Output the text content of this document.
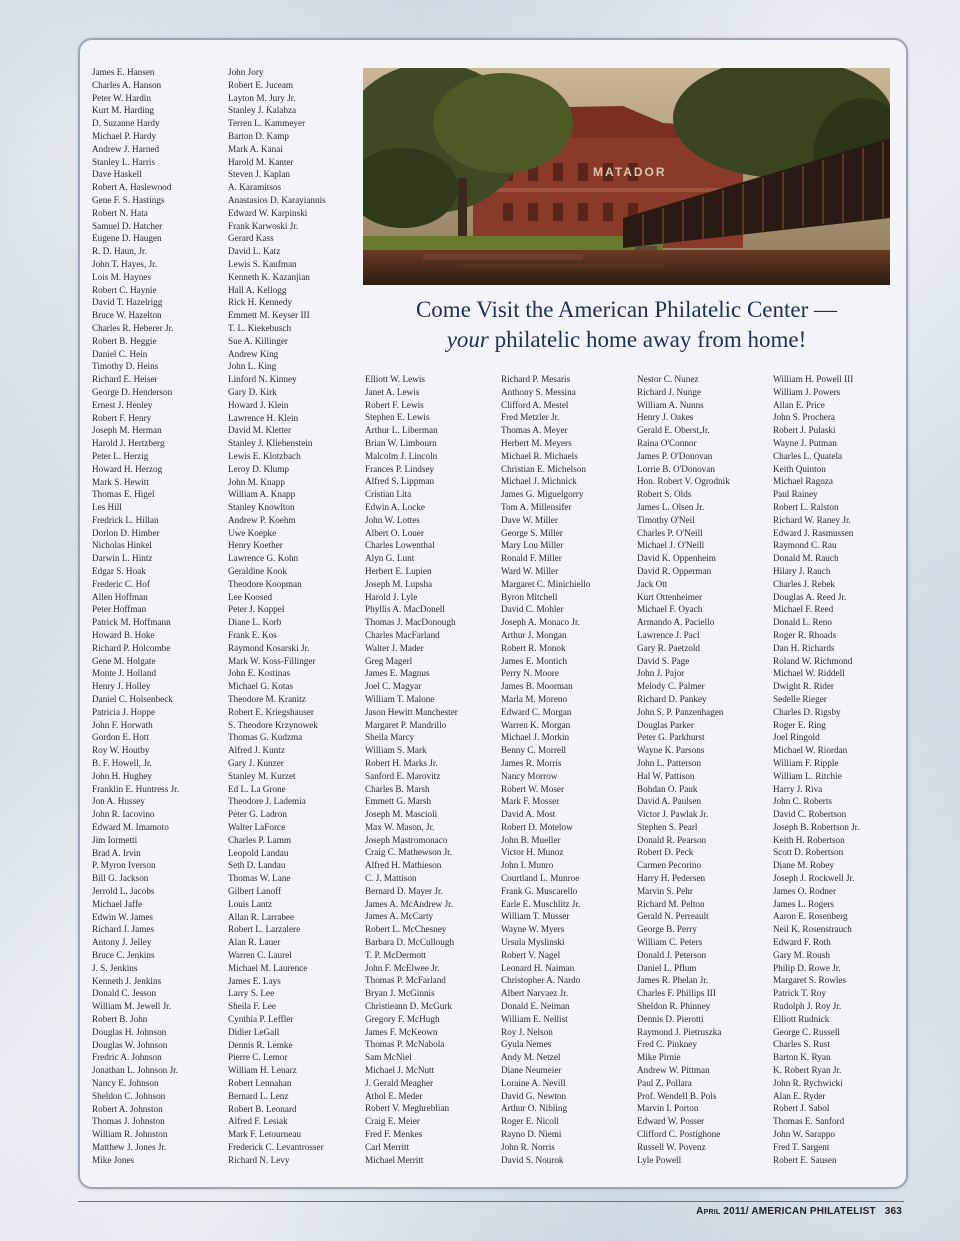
James E. Hansen
Charles A. Hanson
Peter W. Hardin
Kurt M. Harding
D. Suzanne Hardy
Michael P. Hardy
Andrew J. Harned
Stanley L. Harris
Dave Haskell
Robert A. Haslewood
Gene F. S. Hastings
Robert N. Hata
Samuel D. Hatcher
Eugene D. Haugen
R. D. Haun, Jr.
John T. Hayes, Jr.
Lois M. Haynes
Robert C. Haynie
David T. Hazelrigg
Bruce W. Hazelton
Charles R. Heberer Jr.
Robert B. Heggie
Daniel C. Hein
Timothy D. Heins
Richard E. Heiser
George D. Henderson
Ernest J. Henley
Robert F. Henry
Joseph M. Herman
Harold J. Hertzberg
Peter L. Herzig
Howard H. Herzog
Mark S. Hewitt
Thomas E. Higel
Les Hill
Fredrick L. Hillan
Dorlon D. Himber
Nicholas Hinkel
Darwin L. Hintz
Edgar S. Hoak
Frederic C. Hof
Allen Hoffman
Peter Hoffman
Patrick M. Hoffmann
Howard B. Hoke
Richard P. Holcombe
Gene M. Holgate
Monte J. Holland
Henry J. Holley
Daniel C. Holsenbeck
Patricia J. Hoppe
John F. Horwath
Gordon E. Hott
Roy W. Houtby
B. F. Howell, Jr.
John H. Hughey
Franklin E. Huntress Jr.
Jon A. Hussey
John R. Iacovino
Edward M. Imamoto
Jim Iormetti
Brad A. Irvin
P. Myron Iverson
Bill G. Jackson
Jerrold L. Jacobs
Michael Jaffe
Edwin W. James
Richard J. James
Antony J. Jelley
Bruce C. Jenkins
J. S. Jenkins
Kenneth J. Jenkins
Donald C. Jesson
William M. Jewell Jr.
Robert B. John
Douglas H. Johnson
Douglas W. Johnson
Fredric A. Johnson
Jonathan L. Johnson Jr.
Nancy E. Johnson
Sheldon C. Johnson
Robert A. Johnston
Thomas J. Johnston
William R. Johnston
Matthew J. Jones Jr.
Mike Jones
John Jory
Robert E. Juceam
Layton M. Jury Jr.
Stanley J. Kalabza
Terren L. Kammeyer
Barton D. Kamp
Mark A. Kanai
Harold M. Kanter
Steven J. Kaplan
A. Karamitsos
Anastasios D. Karayiannis
Edward W. Karpinski
Frank Karwoski Jr.
Gerard Kass
David L. Katz
Lewis S. Kaufman
Kenneth K. Kazanjian
Hall A. Kellogg
Rick H. Kennedy
Emmett M. Keyser III
T. L. Kiekebusch
Sue A. Killinger
Andrew King
John L. King
Linford N. Kinney
Gary D. Kirk
Howard J. Klein
Lawrence H. Klein
David M. Kletter
Stanley J. Kliebenstein
Lewis E. Klotzbach
Leroy D. Klump
John M. Knapp
William A. Knapp
Stanley Knowlton
Andrew P. Koehm
Uwe Koepke
Henry Koether
Lawrence G. Kohn
Geraldine Kook
Theodore Koopman
Lee Koosed
Peter J. Koppel
Diane L. Korb
Frank E. Kos
Raymond Kosarski Jr.
Mark W. Koss-Fillinger
John E. Kostinas
Michael G. Kotas
Theodore M. Kranitz
Robert E. Kriegshauser
S. Theodore Krzynowek
Thomas G. Kudzma
Alfred J. Kuntz
Gary J. Kunzer
Stanley M. Kurzet
Ed L. La Grone
Theodore J. Lademia
Peter G. Ladron
Walter LaForce
Charles P. Lamm
Leopold Landau
Seth D. Landau
Thomas W. Lane
Gilbert Lanoff
Louis Lantz
Allan R. Larrabee
Robert L. Larzalere
Alan R. Lauer
Warren C. Laurel
Michael M. Laurence
James E. Lays
Larry S. Lee
Sheila F. Lee
Cynthia P. Leffler
Didier LeGall
Dennis R. Lemke
Pierre C. Lemor
William H. Lenarz
Robert Lennahan
Bernard L. Lenz
Robert B. Leonard
Alfred F. Lesiak
Mark F. Letourneau
Frederick C. Levantrosser
Richard N. Levy
MATADOR
Come Visit the American Philatelic Center —
your philatelic home away from home!
Elliott W. Lewis
Janet A. Lewis
Robert F. Lewis
Stephen E. Lewis
Arthur L. Liberman
Brian W. Limbourn
Malcolm J. Lincoln
Frances P. Lindsey
Alfred S. Lippman
Cristian Lita
Edwin A. Locke
John W. Lottes
Albert O. Louer
Charles Lowenthal
Alyn G. Lunt
Herbert E. Lupien
Joseph M. Lupsha
Harold J. Lyle
Phyllis A. MacDonell
Thomas J. MacDonough
Charles MacFarland
Walter J. Mader
Greg Magerl
James E. Magnus
Joel C. Magyar
William T. Malone
Jason Hewitt Manchester
Margaret P. Mandrillo
Sheila Marcy
William S. Mark
Robert H. Marks Jr.
Sanford E. Marovitz
Charles B. Marsh
Emmett G. Marsh
Joseph M. Mascioli
Max W. Mason, Jr.
Joseph Mastromonaco
Craig C. Mathewson Jr.
Alfred H. Mathieson
C. J. Mattison
Bernard D. Mayer Jr.
James A. McAndrew Jr.
James A. McCarty
Robert L. McChesney
Barbara D. McCullough
T. P. McDermott
John F. McElwee Jr.
Thomas P. McFarland
Bryan J. McGinnis
Christieann D. McGurk
Gregory F. McHugh
James F. McKeown
Thomas P. McNabola
Sam McNiel
Michael J. McNutt
J. Gerald Meagher
Athol E. Meder
Robert V. Meghreblian
Craig E. Meier
Fred F. Menkes
Carl Merritt
Michael Merritt
Richard P. Mesaris
Anthony S. Messina
Clifford A. Mestel
Fred Metzler Jr.
Thomas A. Meyer
Herbert M. Meyers
Michael R. Michaels
Christian E. Michelson
Michael J. Michnick
James G. Miguelgorry
Tom A. Millensifer
Dave W. Miller
George S. Miller
Mary Lou Miller
Ronald F. Miller
Ward W. Miller
Margaret C. Minichiello
Byron Mitchell
David C. Mohler
Joseph A. Monaco Jr.
Arthur J. Mongan
Robert R. Monok
James E. Montich
Perry N. Moore
James B. Moorman
Marla M. Moreno
Edward C. Morgan
Warren K. Morgan
Michael J. Morkin
Benny C. Morrell
James R. Morris
Nancy Morrow
Robert W. Moser
Mark F. Mosser
David A. Most
Robert D. Motelow
John B. Mueller
Victor H. Munoz
John I. Munro
Courtland L. Munroe
Frank G. Muscarello
Earle E. Muschlitz Jr.
William T. Musser
Wayne W. Myers
Ursula Myslinski
Robert V. Nagel
Leonard H. Naiman
Christopher A. Nardo
Albert Narvaez Jr.
Donald E. Neiman
William E. Nellist
Roy J. Nelson
Gyula Nemes
Andy M. Netzel
Diane Neumeier
Loraine A. Nevill
David G. Newton
Arthur O. Nibling
Roger E. Nicoll
Rayno D. Niemi
John R. Norris
David S. Nourok
Nestor C. Nunez
Richard J. Nunge
William A. Nunns
Henry J. Oakes
Gerald E. Oberst,Jr.
Raina O'Connor
James P. O'Donovan
Lorrie B. O'Donovan
Hon. Robert V. Ogrodnik
Robert S. Olds
James L. Olsen Jr.
Timothy O'Neil
Charles P. O'Neill
Michael J. O'Neill
David K. Oppenheim
David R. Opperman
Jack Ott
Kurt Ottenheimer
Michael F. Oyach
Armando A. Paciello
Lawrence J. Pacl
Gary R. Paetzold
David S. Page
John J. Pajor
Melody C. Palmer
Richard D. Pankey
John S. P. Panzenhagen
Douglas Parker
Peter G. Parkhurst
Wayne K. Parsons
John L. Patterson
Hal W. Pattison
Bohdan O. Pauk
David A. Paulsen
Victor J. Pawlak Jr.
Stephen S. Pearl
Donald R. Pearson
Robert D. Peck
Carmen Pecorino
Harry H. Pedersen
Marvin S. Pehr
Richard M. Pelton
Gerald N. Perreault
George B. Perry
William C. Peters
Donald J. Peterson
Daniel L. Pflum
James R. Phelan Jr.
Charles F. Phillips III
Sheldon R. Phinney
Dennis D. Pierotti
Raymond J. Pietruszka
Fred C. Pinkney
Mike Pirnie
Andrew W. Pittman
Paul Z. Pollara
Prof. Wendell B. Pols
Marvin I. Porton
Edward W. Posser
Clifford C. Postighone
Russell W. Povenz
Lyle Powell
William H. Powell III
William J. Powers
Allan E. Price
John S. Prochera
Robert J. Pulaski
Wayne J. Putman
Charles L. Quatela
Keith Quinton
Michael Ragoza
Paul Rainey
Robert L. Ralston
Richard W. Raney Jr.
Edward J. Rasmussen
Raymond C. Rau
Donald M. Rauch
Hilary J. Rauch
Charles J. Rebek
Douglas A. Reed Jr.
Michael F. Reed
Donald L. Reno
Roger R. Rhoads
Dan H. Richards
Roland W. Richmond
Michael W. Riddell
Dwight R. Rider
Sedelle Rieger
Charles D. Rigsby
Roger E. Ring
Joel Ringold
Michael W. Riordan
William F. Ripple
William L. Ritchie
Harry J. Riva
John C. Roberts
David C. Robertson
Joseph B. Robertson Jr.
Keith H. Robertson
Scott D. Robertson
Diane M. Robey
Joseph J. Rockwell Jr.
James O. Rodner
James L. Rogers
Aaron E. Rosenberg
Neil K. Rosenstrauch
Edward F. Roth
Gary M. Roush
Philip D. Rowe Jr.
Margaret S. Rowles
Patrick T. Roy
Rudolph J. Roy Jr.
Elliott Rudnick
George C. Russell
Charles S. Rust
Barton K. Ryan
K. Robert Ryan Jr.
John R. Rychwicki
Alan E. Ryder
Robert J. Sabol
Thomas E. Sanford
John W. Sarappo
Fred T. Sargent
Robert E. Sausen
April 2011/ AMERICAN PHILATELIST 363
